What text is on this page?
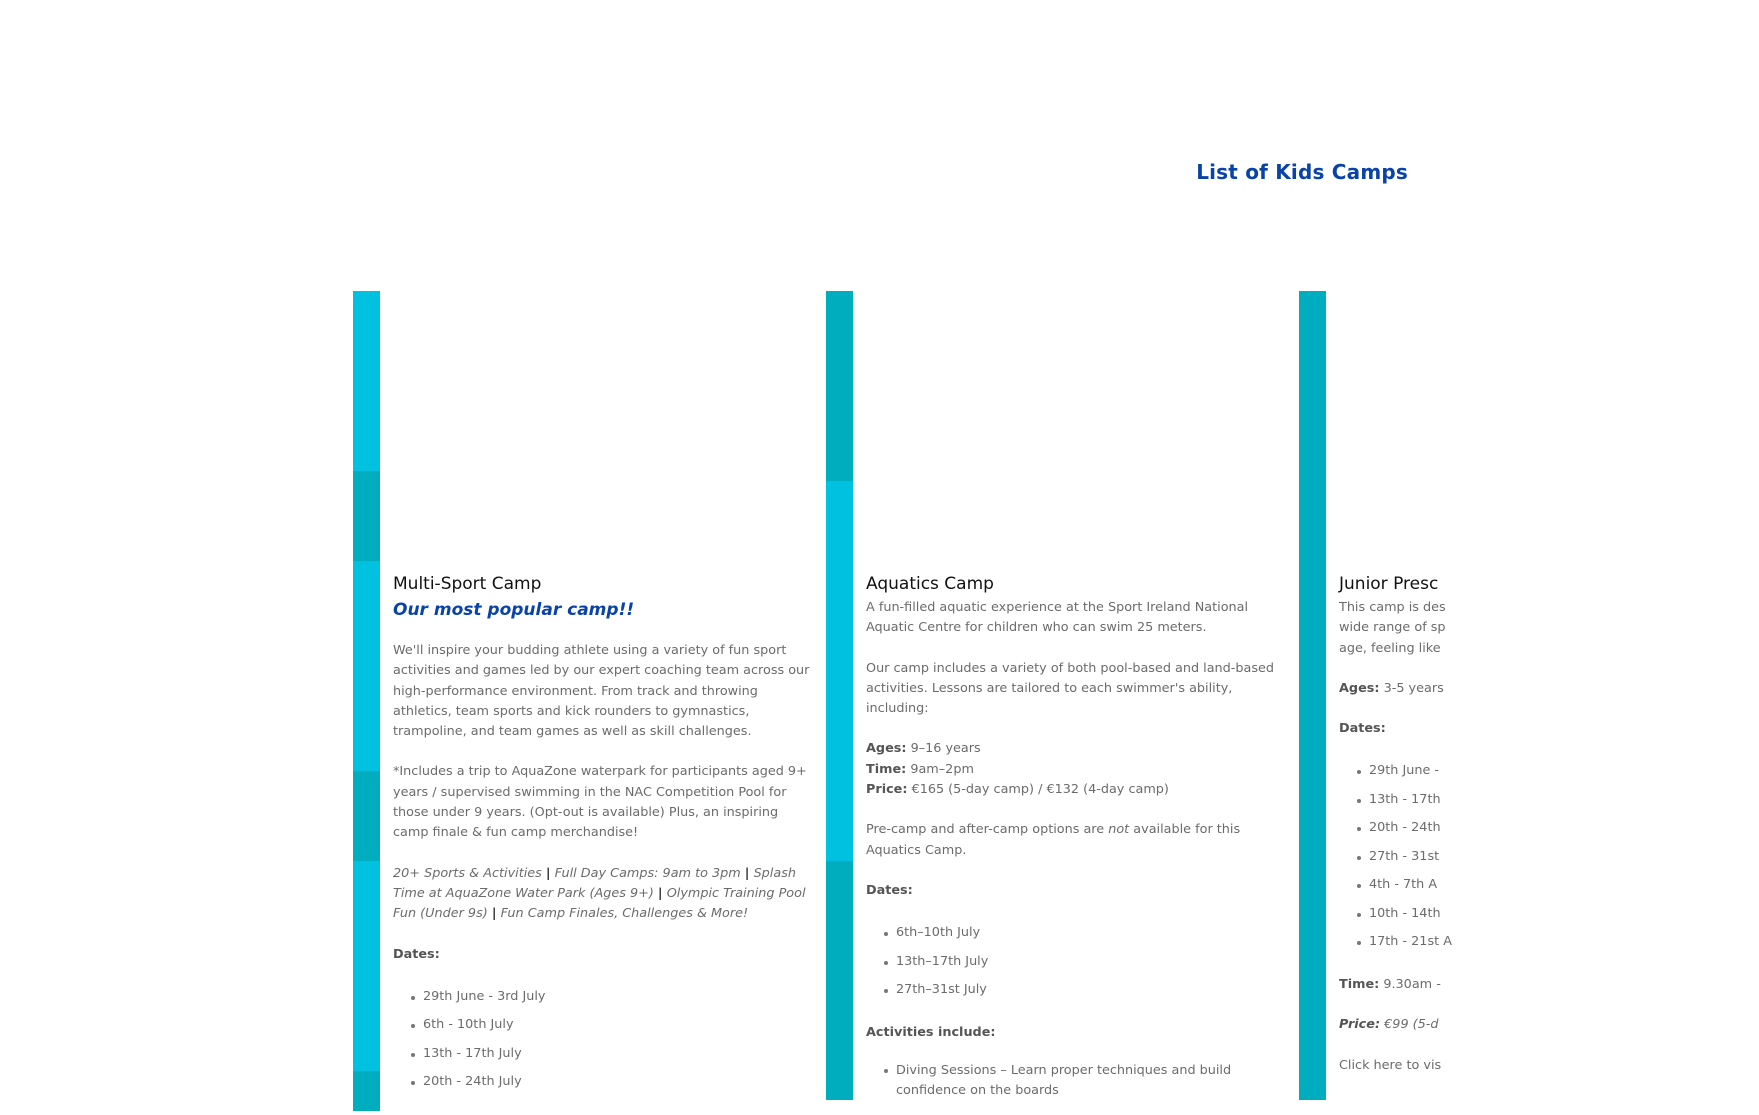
List of Kids Camps
Multi-Sport Camp
Our most popular camp!!

We'll inspire your budding athlete using a variety of fun sport activities and games led by our expert coaching team across our high-performance environment. From track and throwing athletics, team sports and kick rounders to gymnastics, trampoline, and team games as well as skill challenges.

*Includes a trip to AquaZone waterpark for participants aged 9+ years / supervised swimming in the NAC Competition Pool for those under 9 years. (Opt-out is available) Plus, an inspiring camp finale & fun camp merchandise!

20+ Sports & Activities | Full Day Camps: 9am to 3pm | Splash Time at AquaZone Water Park (Ages 9+) | Olympic Training Pool Fun (Under 9s) | Fun Camp Finales, Challenges & More!

Dates:

29th June - 3rd July
6th - 10th July
13th - 17th July
20th - 24th July
Aquatics Camp

A fun-filled aquatic experience at the Sport Ireland National Aquatic Centre for children who can swim 25 meters.

Our camp includes a variety of both pool-based and land-based activities. Lessons are tailored to each swimmer's ability, including:

Ages: 9–16 years
Time: 9am–2pm
Price: €165 (5-day camp) / €132 (4-day camp)

Pre-camp and after-camp options are not available for this Aquatics Camp.

Dates:

6th–10th July
13th–17th July
27th–31st July

Activities include:

Diving Sessions – Learn proper techniques and build confidence on the boards
Junior Presc

This camp is des
wide range of sp
age, feeling like

Ages: 3-5 years

Dates:

29th June -
13th - 17th
20th - 24th
27th - 31st
4th - 7th A
10th - 14th
17th - 21st A

Time: 9.30am -

Price: €99 (5-d

Click here to vis
